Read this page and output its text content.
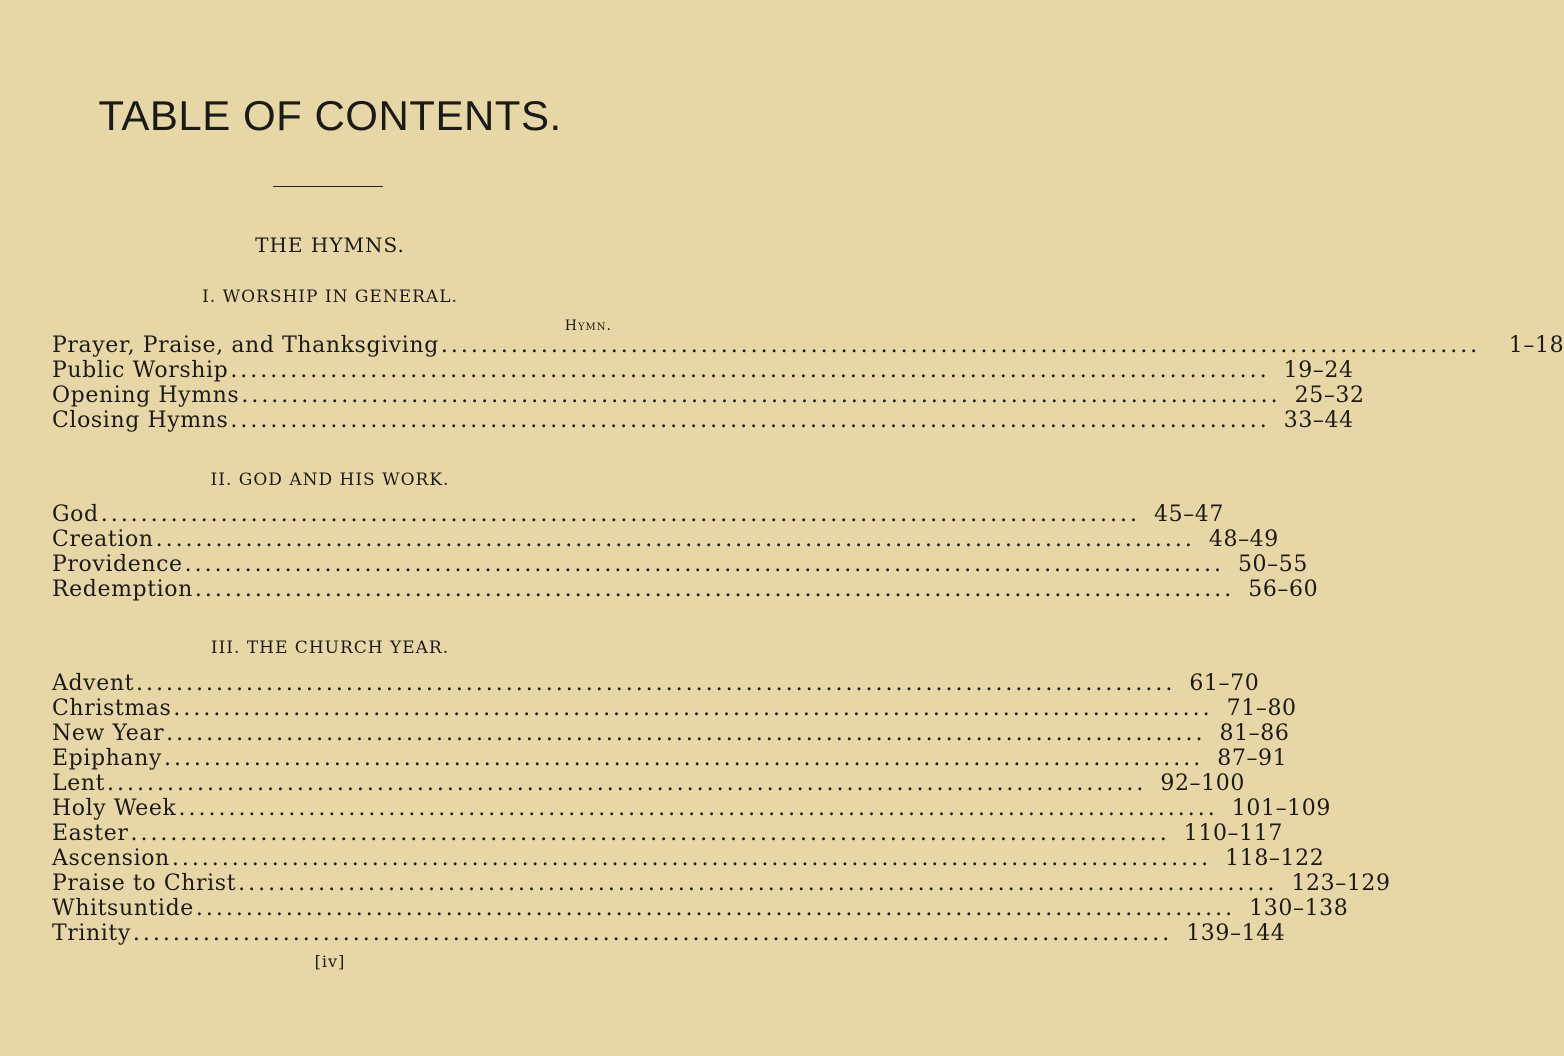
TABLE OF CONTENTS.
THE HYMNS.
I. WORSHIP IN GENERAL.
Hymn.
Prayer, Praise, and Thanksgiving ........................................................................................................	1–18
Public Worship ........................................................................................................ 19–24
Opening Hymns ........................................................................................................ 25–32
Closing Hymns ........................................................................................................ 33–44
II. GOD AND HIS WORK.
God ........................................................................................................ 45–47
Creation ........................................................................................................ 48–49
Providence ........................................................................................................ 50–55
Redemption ........................................................................................................ 56–60
III. THE CHURCH YEAR.
Advent ........................................................................................................ 61–70
Christmas ........................................................................................................ 71–80
New Year ........................................................................................................ 81–86
Epiphany ........................................................................................................ 87–91
Lent ........................................................................................................ 92–100
Holy Week ........................................................................................................ 101–109
Easter ........................................................................................................ 110–117
Ascension ........................................................................................................ 118–122
Praise to Christ ........................................................................................................ 123–129
Whitsuntide ........................................................................................................ 130–138
Trinity ........................................................................................................ 139–144
[iv]
